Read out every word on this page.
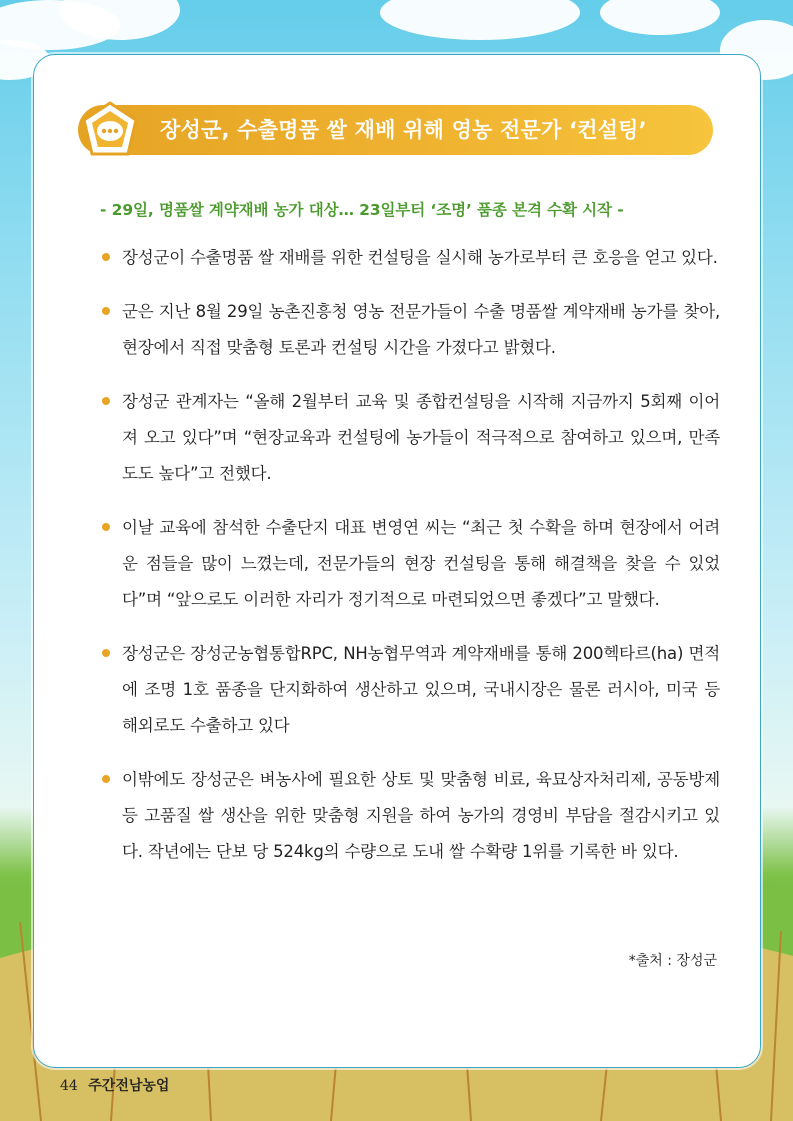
장성군, 수출명품 쌀 재배 위해 영농 전문가 ‘컨설팅’
- 29일, 명품쌀 계약재배 농가 대상… 23일부터 ‘조명’ 품종 본격 수확 시작 -
장성군이 수출명품 쌀 재배를 위한 컨설팅을 실시해 농가로부터 큰 호응을 얻고 있다.
군은 지난 8월 29일 농촌진흥청 영농 전문가들이 수출 명품쌀 계약재배 농가를 찾아, 현장에서 직접 맞춤형 토론과 컨설팅 시간을 가졌다고 밝혔다.
장성군 관계자는 “올해 2월부터 교육 및 종합컨설팅을 시작해 지금까지 5회째 이어져 오고 있다”며 “현장교육과 컨설팅에 농가들이 적극적으로 참여하고 있으며, 만족도도 높다”고 전했다.
이날 교육에 참석한 수출단지 대표 변영연 씨는 “최근 첫 수확을 하며 현장에서 어려운 점들을 많이 느꼈는데, 전문가들의 현장 컨설팅을 통해 해결책을 찾을 수 있었다”며 “앞으로도 이러한 자리가 정기적으로 마련되었으면 좋겠다”고 말했다.
장성군은 장성군농협통합RPC, NH농협무역과 계약재배를 통해 200헥타르(ha) 면적에 조명 1호 품종을 단지화하여 생산하고 있으며, 국내시장은 물론 러시아, 미국 등 해외로도 수출하고 있다
이밖에도 장성군은 벼농사에 필요한 상토 및 맞춤형 비료, 육묘상자처리제, 공동방제 등 고품질 쌀 생산을 위한 맞춤형 지원을 하여 농가의 경영비 부담을 절감시키고 있다. 작년에는 단보 당 524kg의 수량으로 도내 쌀 수확량 1위를 기록한 바 있다.
*출처 : 장성군
44 주간전남농업
